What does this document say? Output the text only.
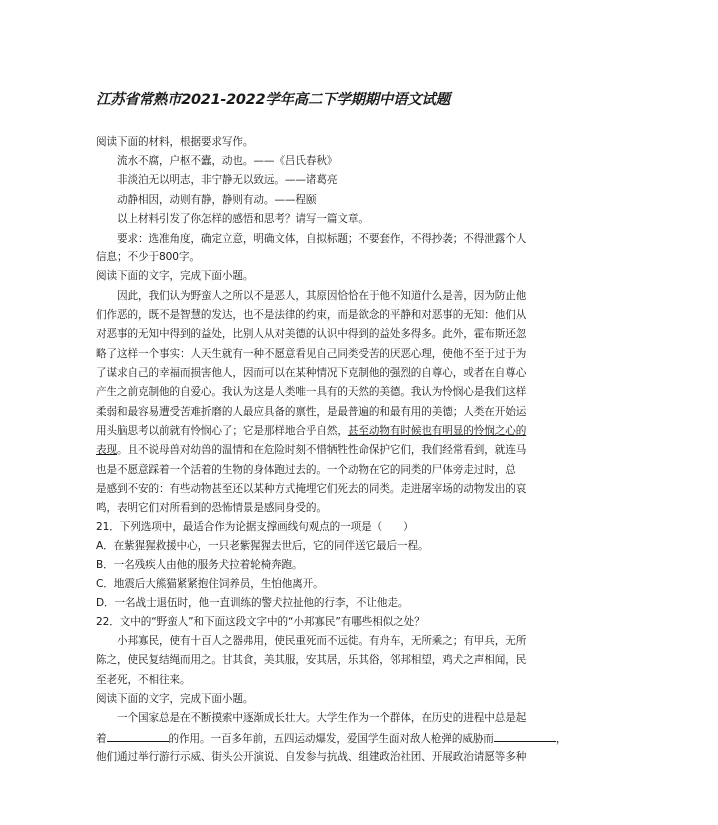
江苏省常熟市2021-2022学年高二下学期期中语文试题
阅读下面的材料，根据要求写作。
流水不腐，户枢不蠹，动也。——《吕氏春秋》
非淡泊无以明志，非宁静无以致远。——诸葛亮
动静相因，动则有静，静则有动。——程颐
以上材料引发了你怎样的感悟和思考？请写一篇文章。
要求：选准角度，确定立意，明确文体，自拟标题；不要套作，不得抄袭；不得泄露个人
信息；不少于800字。
阅读下面的文字，完成下面小题。
因此，我们认为野蛮人之所以不是恶人，其原因恰恰在于他不知道什么是善，因为防止他
们作恶的，既不是智慧的发达，也不是法律的约束，而是欲念的平静和对恶事的无知：他们从
对恶事的无知中得到的益处，比别人从对美德的认识中得到的益处多得多。此外，霍布斯还忽
略了这样一个事实：人天生就有一种不愿意看见自己同类受苦的厌恶心理，使他不至于过于为
了谋求自己的幸福而损害他人，因而可以在某种情况下克制他的强烈的自尊心，或者在自尊心
产生之前克制他的自爱心。我认为这是人类唯一具有的天然的美德。我认为怜悯心是我们这样
柔弱和最容易遭受苦难折磨的人最应具备的禀性，是最普遍的和最有用的美德；人类在开始运
用头脑思考以前就有怜悯心了；它是那样地合乎自然，甚至动物有时候也有明显的怜悯之心的
表现。且不说母兽对幼兽的温情和在危险时刻不惜牺牲性命保护它们，我们经常看到，就连马
也是不愿意踩着一个活着的生物的身体跑过去的。一个动物在它的同类的尸体旁走过时，总
是感到不安的：有些动物甚至还以某种方式掩埋它们死去的同类。走进屠宰场的动物发出的哀
鸣，表明它们对所看到的恐怖情景是感同身受的。
21．下列选项中，最适合作为论据支撑画线句观点的一项是（　　）
A．在紫猩猩救援中心，一只老紫猩猩去世后，它的同伴送它最后一程。
B．一名残疾人由他的服务犬拉着轮椅奔跑。
C．地震后大熊猫紧紧抱住饲养员，生怕他离开。
D．一名战士退伍时，他一直训练的警犬拉扯他的行李，不让他走。
22．文中的“野蛮人”和下面这段文字中的“小邦寡民”有哪些相似之处？
小邦寡民，使有十百人之器弗用，使民重死而不远徙。有舟车，无所乘之；有甲兵，无所
陈之，使民复结绳而用之。甘其食，美其服，安其居，乐其俗，邻邦相望，鸡犬之声相闻，民
至老死，不相往来。
阅读下面的文字，完成下面小题。
一个国家总是在不断摸索中逐渐成长壮大。大学生作为一个群体，在历史的进程中总是起
着	的作用。一百多年前，五四运动爆发，爱国学生面对敌人枪弹的威胁而	，
他们通过举行游行示威、街头公开演说、自发参与抗战、组建政治社团、开展政治请愿等多种
